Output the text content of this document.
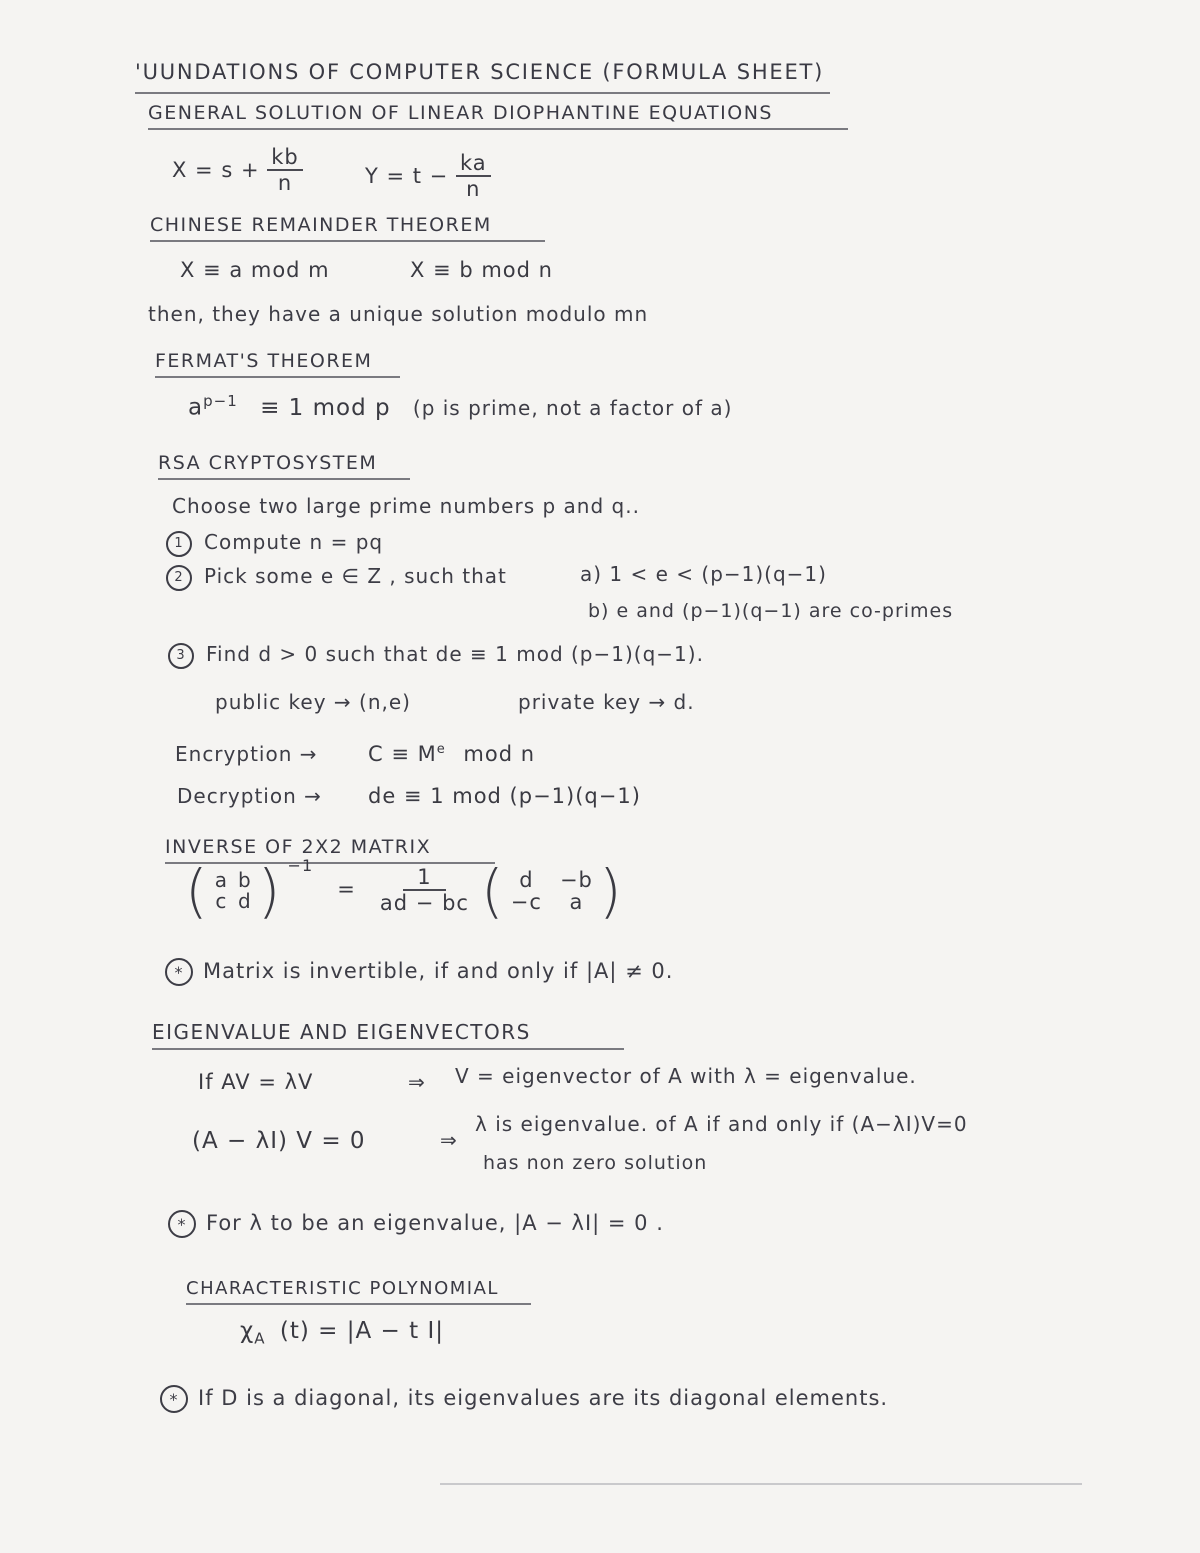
'UUNDATIONS OF COMPUTER SCIENCE (FORMULA SHEET)
GENERAL SOLUTION OF LINEAR DIOPHANTINE EQUATIONS
$X = s + \frac{kb}{n}$	$Y = t - \frac{ka}{n}$
CHINESE REMAINDER THEOREM
X ≡ a mod m	X ≡ b mod n
then, they have a unique solution modulo mn
FERMAT'S THEOREM
$a^{p-1} \equiv 1$ mod p (p is prime, not a factor of a)
RSA CRYPTOSYSTEM
Choose two large prime numbers p and q..
1 Compute n = pq
2 Pick some e ∈ Z , such that	a) 1 < e < (p−1)(q−1)
b) e and (p−1)(q−1) are co-primes
3 Find d > 0 such that de ≡ 1 mod (p−1)(q−1).
public key → (n,e)	private key → d.
Encryption → $C \equiv M^e$ mod n
Decryption → de ≡ 1 mod (p−1)(q−1)
INVERSE OF 2X2 MATRIX
( a b
c d ) $^{-1} = \frac{1}{ad - bc}$ ( d	−b
−c	a )
* Matrix is invertible, if and only if |A| ≠ 0.
EIGENVALUE AND EIGENVECTORS
If AV = λV	⇒ V = eigenvector of A with λ = eigenvalue.
(A − λI) V = 0	⇒
λ is eigenvalue. of A if and only if (A−λI)V=0
has non zero solution
* For λ to be an eigenvalue, |A − λI| = 0 .
CHARACTERISTIC POLYNOMIAL
$\chi_A$ (t) = |A − t I|
* If D is a diagonal, its eigenvalues are its diagonal elements.
